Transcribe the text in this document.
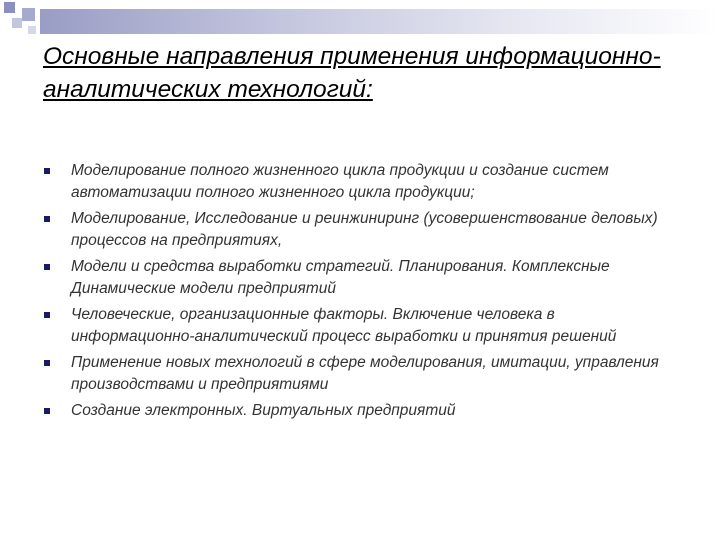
Основные направления применения информационно-аналитических технологий:
Моделирование полного жизненного цикла продукции и создание систем автоматизации полного жизненного цикла продукции;
Моделирование, Исследование и реинжиниринг (усовершенствование деловых) процессов на предприятиях,
Модели и средства выработки стратегий. Планирования. Комплексные Динамические модели предприятий
Человеческие, организационные факторы. Включение человека в информационно-аналитический процесс выработки и принятия решений
Применение новых технологий в сфере моделирования, имитации, управления производствами и предприятиями
Создание электронных. Виртуальных предприятий
